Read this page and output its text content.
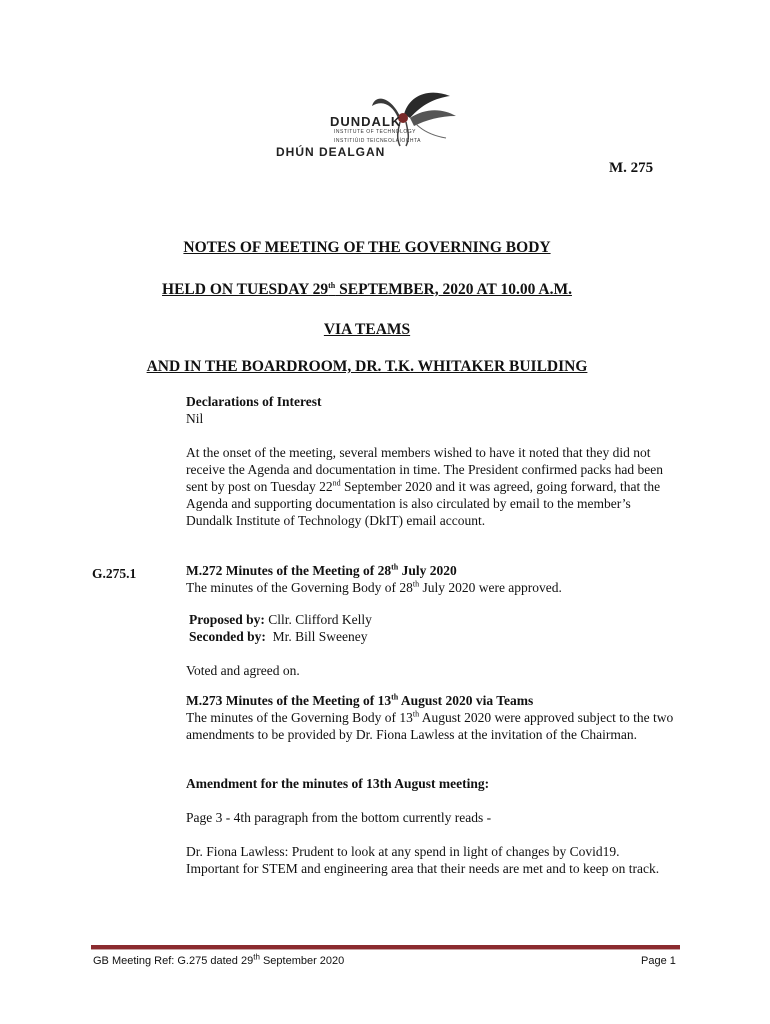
DUNDALK
INSTITUTE OF TECHNOLOGY
INSTITIÚID TEICNEOLAÍOCHTA
DHÚN DEALGAN
M. 275
NOTES OF MEETING OF THE GOVERNING BODY
HELD ON TUESDAY 29th SEPTEMBER, 2020 AT 10.00 A.M.
VIA TEAMS
AND IN THE BOARDROOM, DR. T.K. WHITAKER BUILDING
Declarations of Interest
Nil
At the onset of the meeting, several members wished to have it noted that they did not receive the Agenda and documentation in time. The President confirmed packs had been sent by post on Tuesday 22nd September 2020 and it was agreed, going forward, that the Agenda and supporting documentation is also circulated by email to the member’s Dundalk Institute of Technology (DkIT) email account.
G.275.1	M.272 Minutes of the Meeting of 28th July 2020
The minutes of the Governing Body of 28th July 2020 were approved.
Proposed by: Cllr. Clifford Kelly
Seconded by:  Mr. Bill Sweeney
Voted and agreed on.
M.273 Minutes of the Meeting of 13th August 2020 via Teams
The minutes of the Governing Body of 13th August 2020 were approved subject to the two amendments to be provided by Dr. Fiona Lawless at the invitation of the Chairman.
Amendment for the minutes of 13th August meeting:
Page 3 - 4th paragraph from the bottom currently reads -
Dr. Fiona Lawless: Prudent to look at any spend in light of changes by Covid19. Important for STEM and engineering area that their needs are met and to keep on track.
GB Meeting Ref: G.275 dated 29th September 2020	Page 1
